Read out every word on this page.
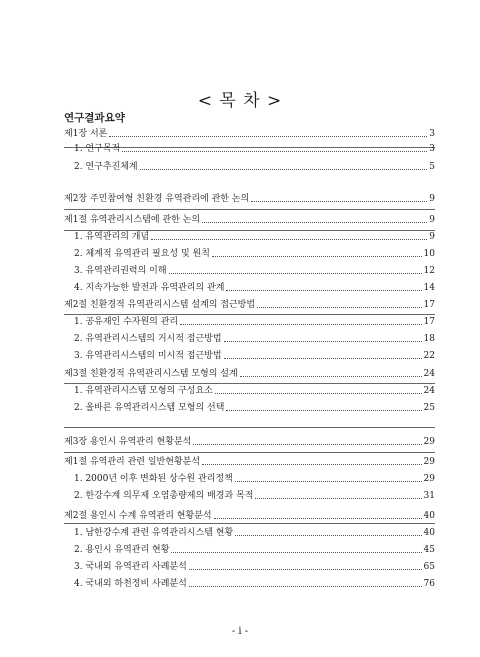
< 목 차 >
연구결과요약
제1장 서론	3
1. 연구목적	3
2. 연구추진체계	5
제2장 주민참여형 친환경 유역관리에 관한 논의	9
제1절 유역관리시스템에 관한 논의	9
1. 유역관리의 개념	9
2. 체계적 유역관리 필요성 및 원칙	10
3. 유역관리권력의 이해	12
4. 지속가능한 발전과 유역관리의 관계	14
제2절 친환경적 유역관리시스템 설계의 접근방법	17
1. 공유재인 수자원의 관리	17
2. 유역관리시스템의 거시적 접근방법	18
3. 유역관리시스템의 미시적 접근방법	22
제3절 친환경적 유역관리시스템 모형의 설계	24
1. 유역관리시스템 모형의 구성요소	24
2. 올바른 유역관리시스템 모형의 선택	25
제3장 용인시 유역관리 현황분석	29
제1절 유역관리 관련 일반현황분석	29
1. 2000년 이후 변화된 상수원 관리정책	29
2. 한강수계 의무제 오염총량제의 배경과 목적	31
제2절 용인시 수계 유역관리 현황분석	40
1. 남한강수계 관련 유역관리시스템 현황	40
2. 용인시 유역관리 현황	45
3. 국내외 유역관리 사례분석	65
4. 국내외 하천정비 사례분석	76
- i -
